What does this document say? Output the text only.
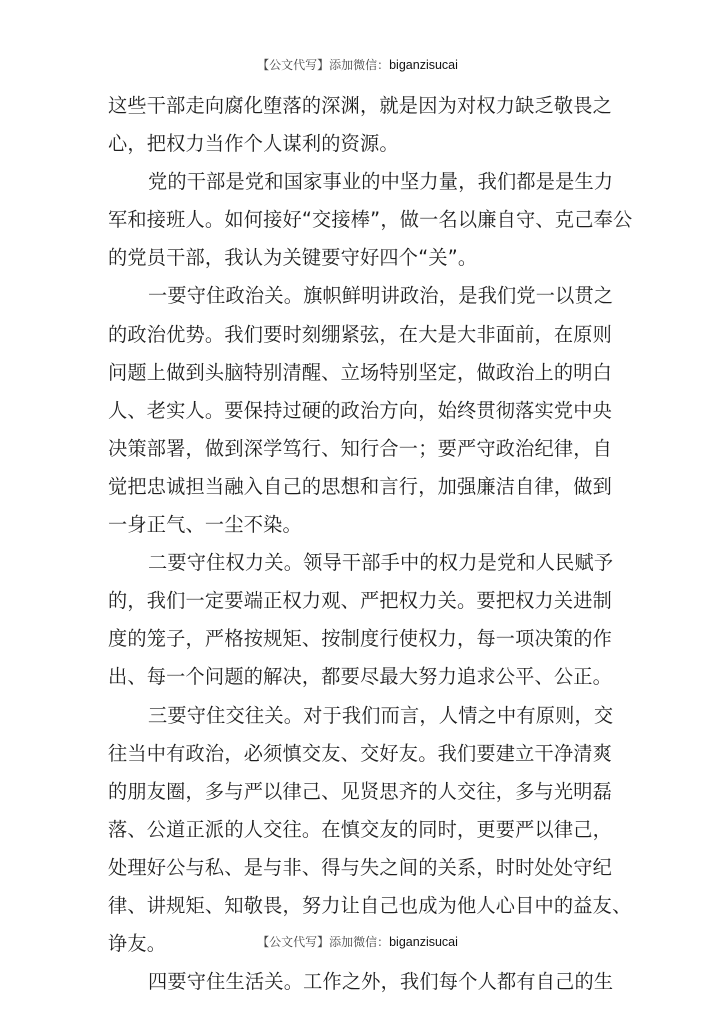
【公文代写】添加微信：biganzisucai
这些干部走向腐化堕落的深渊，就是因为对权力缺乏敬畏之
心，把权力当作个人谋利的资源。
党的干部是党和国家事业的中坚力量，我们都是是生力
军和接班人。如何接好“交接棒”，做一名以廉自守、克己奉公
的党员干部，我认为关键要守好四个“关”。
一要守住政治关。旗帜鲜明讲政治，是我们党一以贯之
的政治优势。我们要时刻绷紧弦，在大是大非面前，在原则
问题上做到头脑特别清醒、立场特别坚定，做政治上的明白
人、老实人。要保持过硬的政治方向，始终贯彻落实党中央
决策部署，做到深学笃行、知行合一；要严守政治纪律，自
觉把忠诚担当融入自己的思想和言行，加强廉洁自律，做到
一身正气、一尘不染。
二要守住权力关。领导干部手中的权力是党和人民赋予
的，我们一定要端正权力观、严把权力关。要把权力关进制
度的笼子，严格按规矩、按制度行使权力，每一项决策的作
出、每一个问题的解决，都要尽最大努力追求公平、公正。
三要守住交往关。对于我们而言，人情之中有原则，交
往当中有政治，必须慎交友、交好友。我们要建立干净清爽
的朋友圈，多与严以律己、见贤思齐的人交往，多与光明磊
落、公道正派的人交往。在慎交友的同时，更要严以律己，
处理好公与私、是与非、得与失之间的关系，时时处处守纪
律、讲规矩、知敬畏，努力让自己也成为他人心目中的益友、
诤友。
四要守住生活关。工作之外，我们每个人都有自己的生
【公文代写】添加微信：biganzisucai
